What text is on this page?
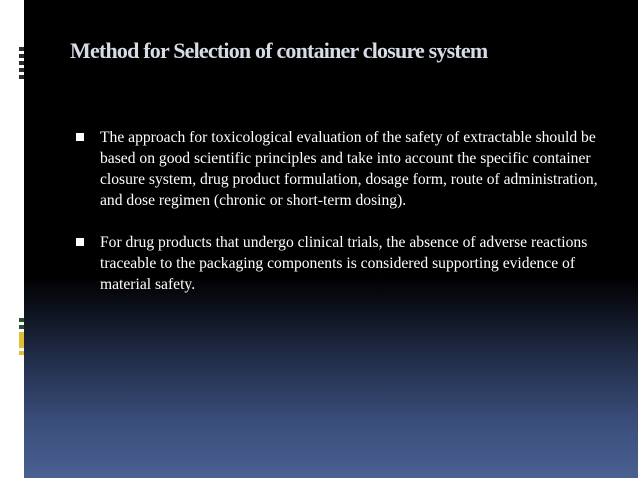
Method for Selection of container closure system
The approach for toxicological evaluation of the safety of extractable should be based on good scientific principles and take into account the specific container closure system, drug product formulation, dosage form, route of administration, and dose regimen (chronic or short-term dosing).
For drug products that undergo clinical trials, the absence of adverse reactions traceable to the packaging components is considered supporting evidence of material safety.
